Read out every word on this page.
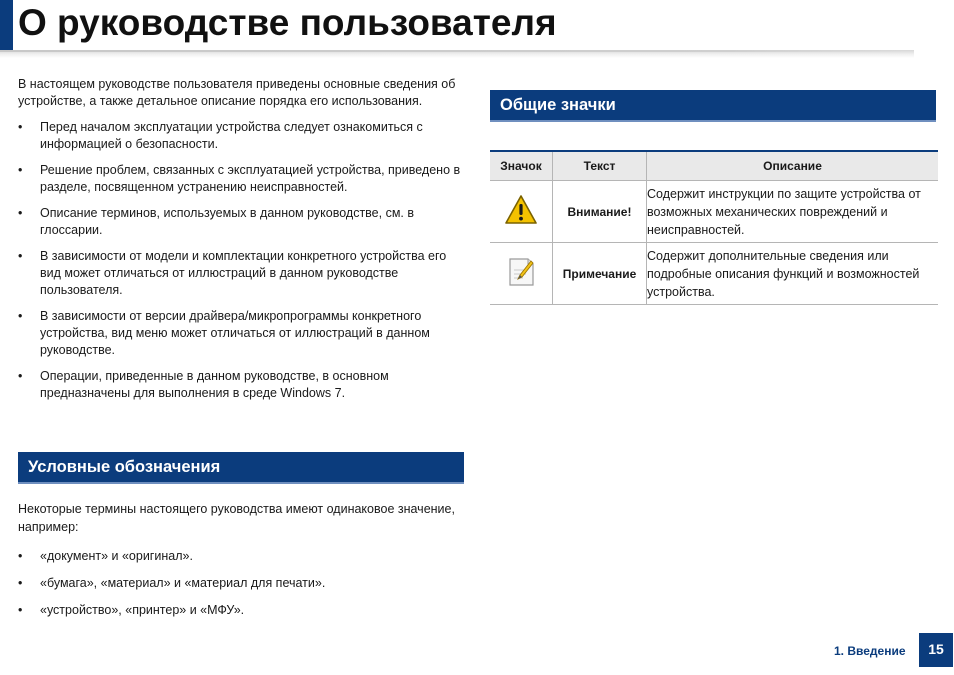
О руководстве пользователя

В настоящем руководстве пользователя приведены основные сведения об устройстве, а также детальное описание порядка его использования.

• Перед началом эксплуатации устройства следует ознакомиться с информацией о безопасности.
• Решение проблем, связанных с эксплуатацией устройства, приведено в разделе, посвященном устранению неисправностей.
• Описание терминов, используемых в данном руководстве, см. в глоссарии.
• В зависимости от модели и комплектации конкретного устройства его вид может отличаться от иллюстраций в данном руководстве пользователя.
• В зависимости от версии драйвера/микропрограммы конкретного устройства, вид меню может отличаться от иллюстраций в данном руководстве.
• Операции, приведенные в данном руководстве, в основном предназначены для выполнения в среде Windows 7.
Условные обозначения

Некоторые термины настоящего руководства имеют одинаковое значение, например:

• «документ» и «оригинал».
• «бумага», «материал» и «материал для печати».
• «устройство», «принтер» и «МФУ».
Общие значки
Значок	Текст	Описание
	Внимание!	Содержит инструкции по защите устройства от возможных механических повреждений и неисправностей.
	Примечание	Содержит дополнительные сведения или подробные описания функций и возможностей устройства.
1. Введение	15
